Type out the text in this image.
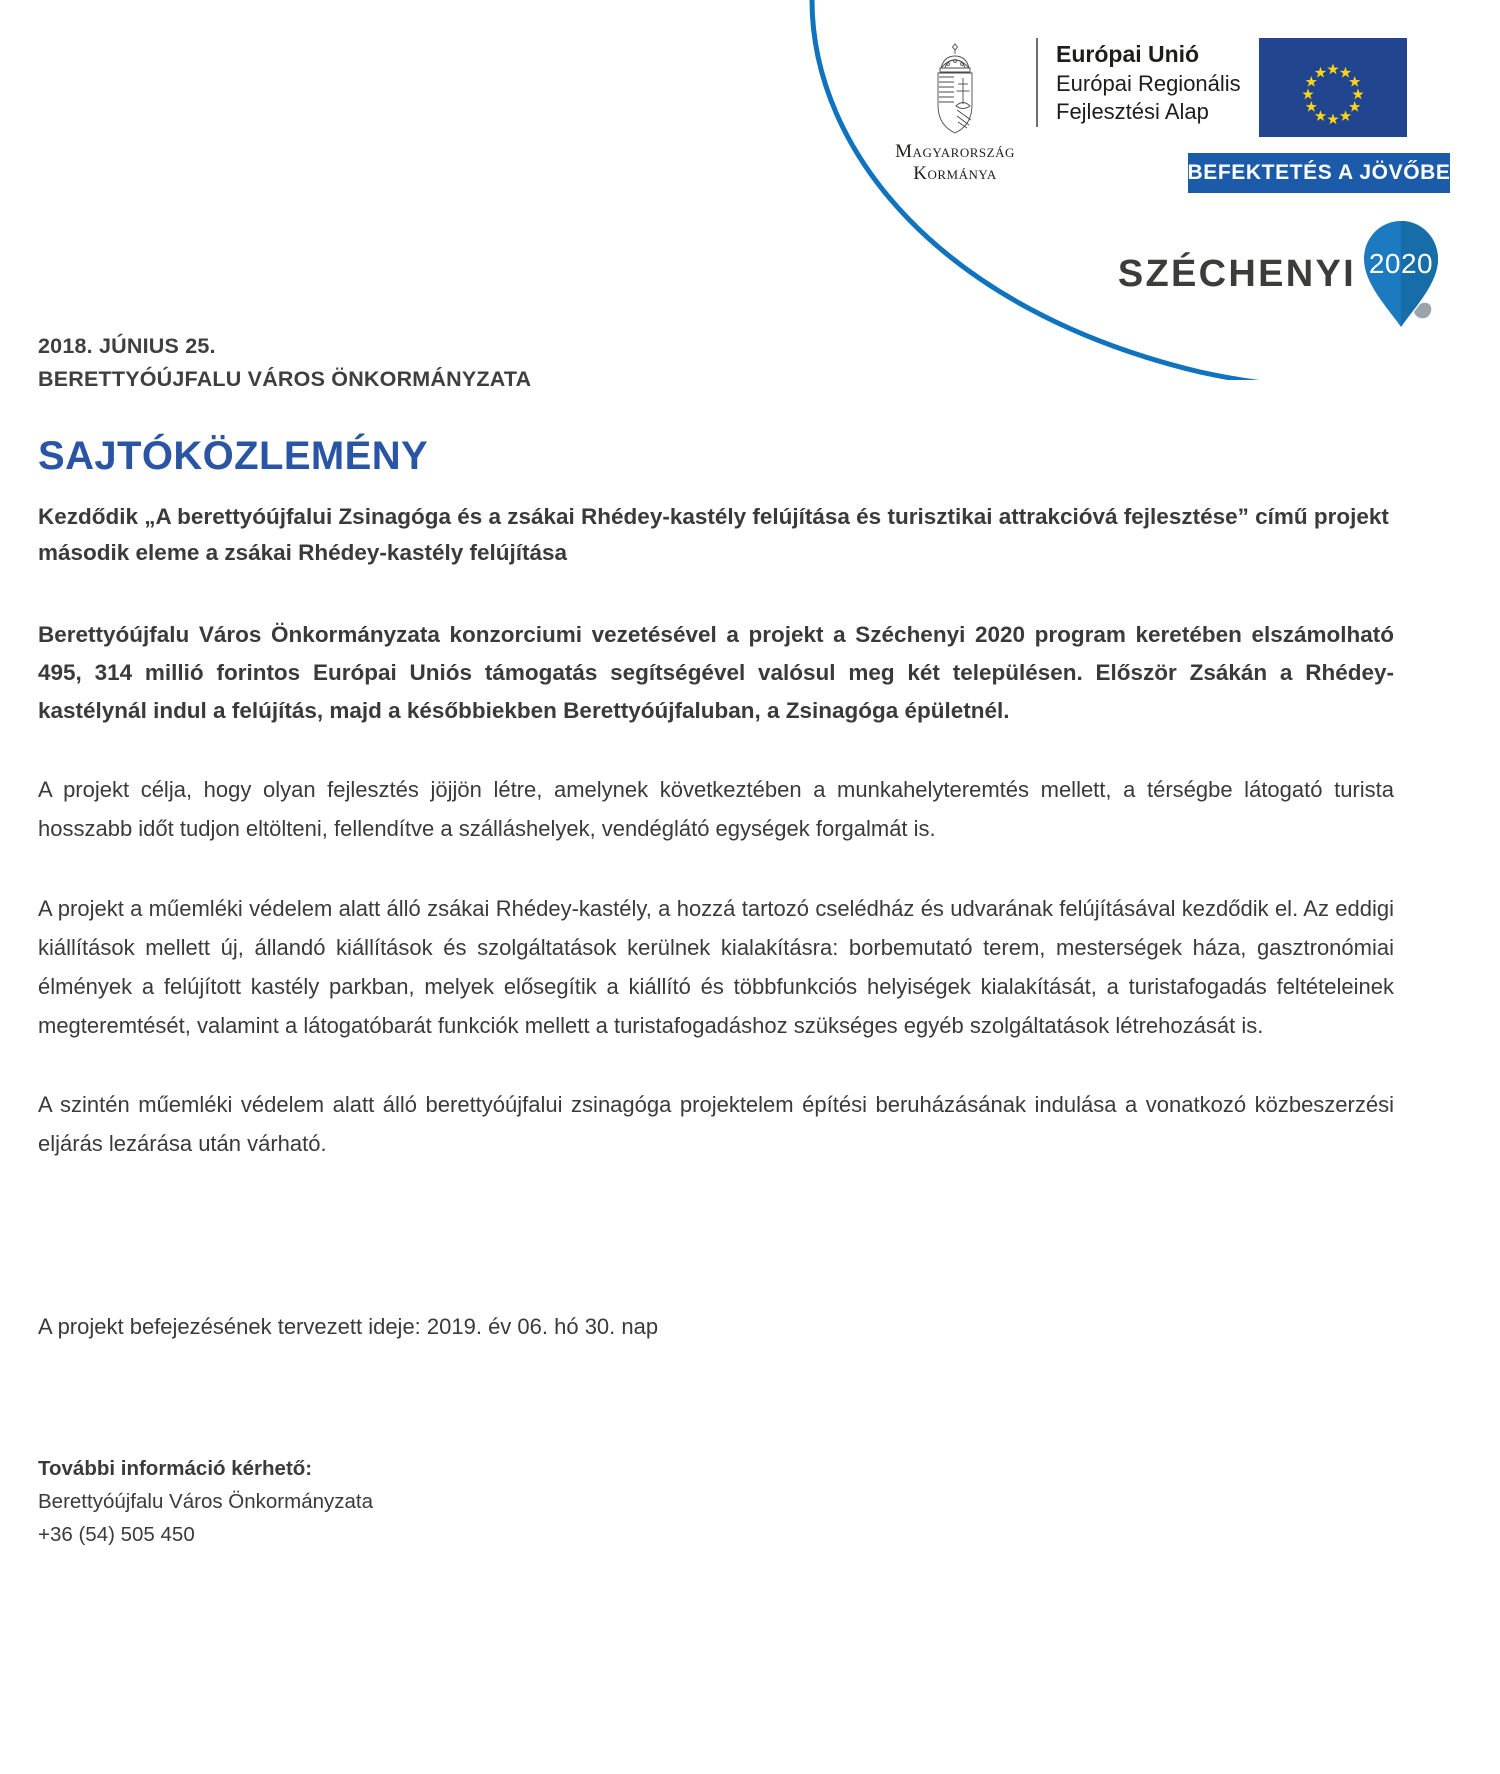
Magyarország
Kormánya
Európai Unió
Európai Regionális
Fejlesztési Alap
BEFEKTETÉS A JÖVŐBE
SZÉCHENYI 2020
2018. JÚNIUS 25.
BERETTYÓÚJFALU VÁROS ÖNKORMÁNYZATA
SAJTÓKÖZLEMÉNY

Kezdődik „A berettyóújfalui Zsinagóga és a zsákai Rhédey-kastély felújítása és turisztikai attrakcióvá fejlesztése” című projekt második eleme a zsákai Rhédey-kastély felújítása

Berettyóújfalu Város Önkormányzata konzorciumi vezetésével a projekt a Széchenyi 2020 program keretében elszámolható 495, 314 millió forintos Európai Uniós támogatás segítségével valósul meg két településen. Először Zsákán a Rhédey-kastélynál indul a felújítás, majd a későbbiekben Berettyóújfaluban, a Zsinagóga épületnél.

A projekt célja, hogy olyan fejlesztés jöjjön létre, amelynek következtében a munkahelyteremtés mellett, a térségbe látogató turista hosszabb időt tudjon eltölteni, fellendítve a szálláshelyek, vendéglátó egységek forgalmát is.

A projekt a műemléki védelem alatt álló zsákai Rhédey-kastély, a hozzá tartozó cselédház és udvarának felújításával kezdődik el. Az eddigi kiállítások mellett új, állandó kiállítások és szolgáltatások kerülnek kialakításra: borbemutató terem, mesterségek háza, gasztronómiai élmények a felújított kastély parkban, melyek elősegítik a kiállító és többfunkciós helyiségek kialakítását, a turistafogadás feltételeinek megteremtését, valamint a látogatóbarát funkciók mellett a turistafogadáshoz szükséges egyéb szolgáltatások létrehozását is.

A szintén műemléki védelem alatt álló berettyóújfalui zsinagóga projektelem építési beruházásának indulása a vonatkozó közbeszerzési eljárás lezárása után várható.

A projekt befejezésének tervezett ideje: 2019. év 06. hó 30. nap

További információ kérhető:
Berettyóújfalu Város Önkormányzata
+36 (54) 505 450
